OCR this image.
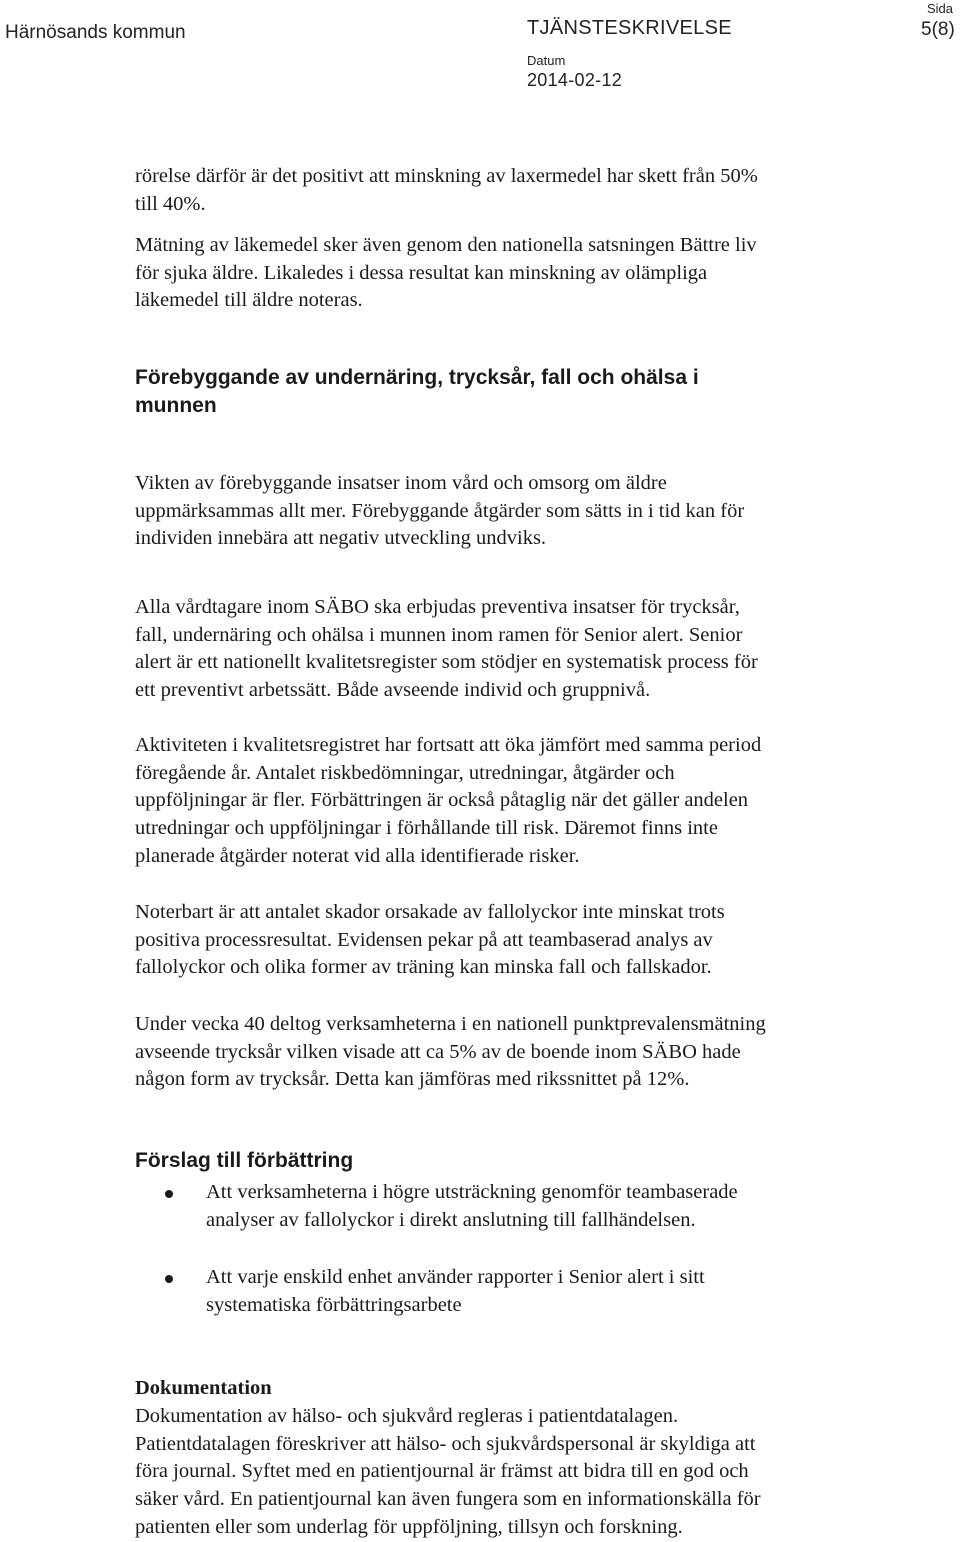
Härnösands kommun	TJÄNSTESKRIVELSE
Sida
5(8)
Datum
2014-02-12
rörelse därför är det positivt att minskning av laxermedel har skett från 50%
till 40%.
Mätning av läkemedel sker även genom den nationella satsningen Bättre liv
för sjuka äldre. Likaledes i dessa resultat kan minskning av olämpliga
läkemedel till äldre noteras.
Förebyggande av undernäring, trycksår, fall och ohälsa i
munnen
Vikten av förebyggande insatser inom vård och omsorg om äldre
uppmärksammas allt mer. Förebyggande åtgärder som sätts in i tid kan för
individen innebära att negativ utveckling undviks.
Alla vårdtagare inom SÄBO ska erbjudas preventiva insatser för trycksår,
fall, undernäring och ohälsa i munnen inom ramen för Senior alert. Senior
alert är ett nationellt kvalitetsregister som stödjer en systematisk process för
ett preventivt arbetssätt. Både avseende individ och gruppnivå.
Aktiviteten i kvalitetsregistret har fortsatt att öka jämfört med samma period
föregående år. Antalet riskbedömningar, utredningar, åtgärder och
uppföljningar är fler. Förbättringen är också påtaglig när det gäller andelen
utredningar och uppföljningar i förhållande till risk. Däremot finns inte
planerade åtgärder noterat vid alla identifierade risker.
Noterbart är att antalet skador orsakade av fallolyckor inte minskat trots
positiva processresultat. Evidensen pekar på att teambaserad analys av
fallolyckor och olika former av träning kan minska fall och fallskador.
Under vecka 40 deltog verksamheterna i en nationell punktprevalensmätning
avseende trycksår vilken visade att ca 5% av de boende inom SÄBO hade
någon form av trycksår. Detta kan jämföras med rikssnittet på 12%.
Förslag till förbättring
Att verksamheterna i högre utsträckning genomför teambaserade
analyser av fallolyckor i direkt anslutning till fallhändelsen.
Att varje enskild enhet använder rapporter i Senior alert i sitt
systematiska förbättringsarbete
Dokumentation
Dokumentation av hälso- och sjukvård regleras i patientdatalagen.
Patientdatalagen föreskriver att hälso- och sjukvårdspersonal är skyldiga att
föra journal. Syftet med en patientjournal är främst att bidra till en god och
säker vård. En patientjournal kan även fungera som en informationskälla för
patienten eller som underlag för uppföljning, tillsyn och forskning.
